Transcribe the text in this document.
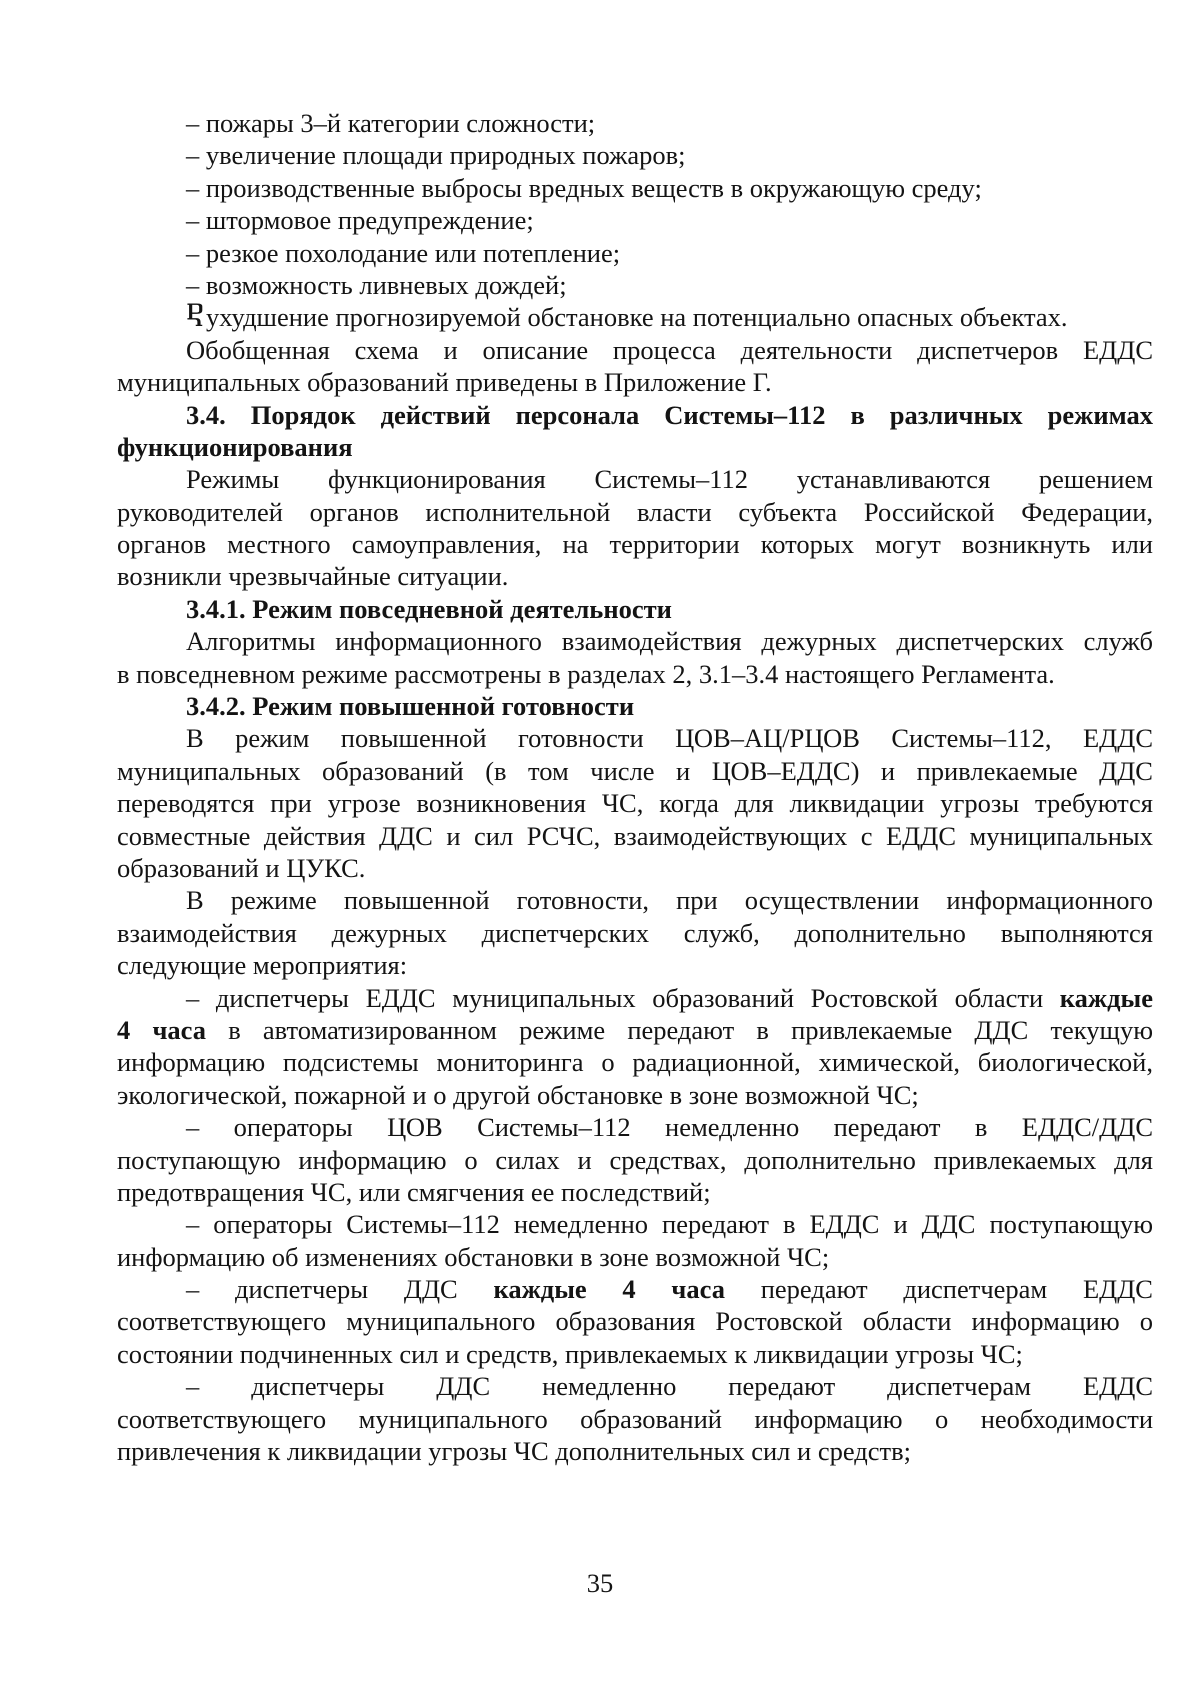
– пожары 3–й категории сложности;
– увеличение площади природных пожаров;
– производственные выбросы вредных веществ в окружающую среду;
– штормовое предупреждение;
– резкое похолодание или потепление;
– возможность ливневых дождей;
Ⴒухудшение прогнозируемой обстановке на потенциально опасных объектах.
Обобщенная схема и описание процесса деятельности диспетчеров ЕДДС
муниципальных образований приведены в Приложение Г.
3.4. Порядок действий персонала Системы–112 в различных режимах
функционирования
Режимы функционирования Системы–112 устанавливаются решением
руководителей органов исполнительной власти субъекта Российской Федерации,
органов местного самоуправления, на территории которых могут возникнуть или
возникли чрезвычайные ситуации.
3.4.1. Режим повседневной деятельности
Алгоритмы информационного взаимодействия дежурных диспетчерских служб
в повседневном режиме рассмотрены в разделах 2, 3.1–3.4 настоящего Регламента.
3.4.2. Режим повышенной готовности
В режим повышенной готовности ЦОВ–АЦ/РЦОВ Системы–112, ЕДДС
муниципальных образований (в том числе и ЦОВ–ЕДДС) и привлекаемые ДДС
переводятся при угрозе возникновения ЧС, когда для ликвидации угрозы требуются
совместные действия ДДС и сил РСЧС, взаимодействующих с ЕДДС муниципальных
образований и ЦУКС.
В режиме повышенной готовности, при осуществлении информационного
взаимодействия дежурных диспетчерских служб, дополнительно выполняются
следующие мероприятия:
– диспетчеры ЕДДС муниципальных образований Ростовской области каждые
4 часа в автоматизированном режиме передают в привлекаемые ДДС текущую
информацию подсистемы мониторинга о радиационной, химической, биологической,
экологической, пожарной и о другой обстановке в зоне возможной ЧС;
– операторы ЦОВ Системы–112 немедленно передают в ЕДДС/ДДС
поступающую информацию о силах и средствах, дополнительно привлекаемых для
предотвращения ЧС, или смягчения ее последствий;
– операторы Системы–112 немедленно передают в ЕДДС и ДДС поступающую
информацию об изменениях обстановки в зоне возможной ЧС;
– диспетчеры ДДС каждые 4 часа передают диспетчерам ЕДДС
соответствующего муниципального образования Ростовской области информацию о
состоянии подчиненных сил и средств, привлекаемых к ликвидации угрозы ЧС;
– диспетчеры ДДС немедленно передают диспетчерам ЕДДС
соответствующего муниципального образований информацию о необходимости
привлечения к ликвидации угрозы ЧС дополнительных сил и средств;
35
